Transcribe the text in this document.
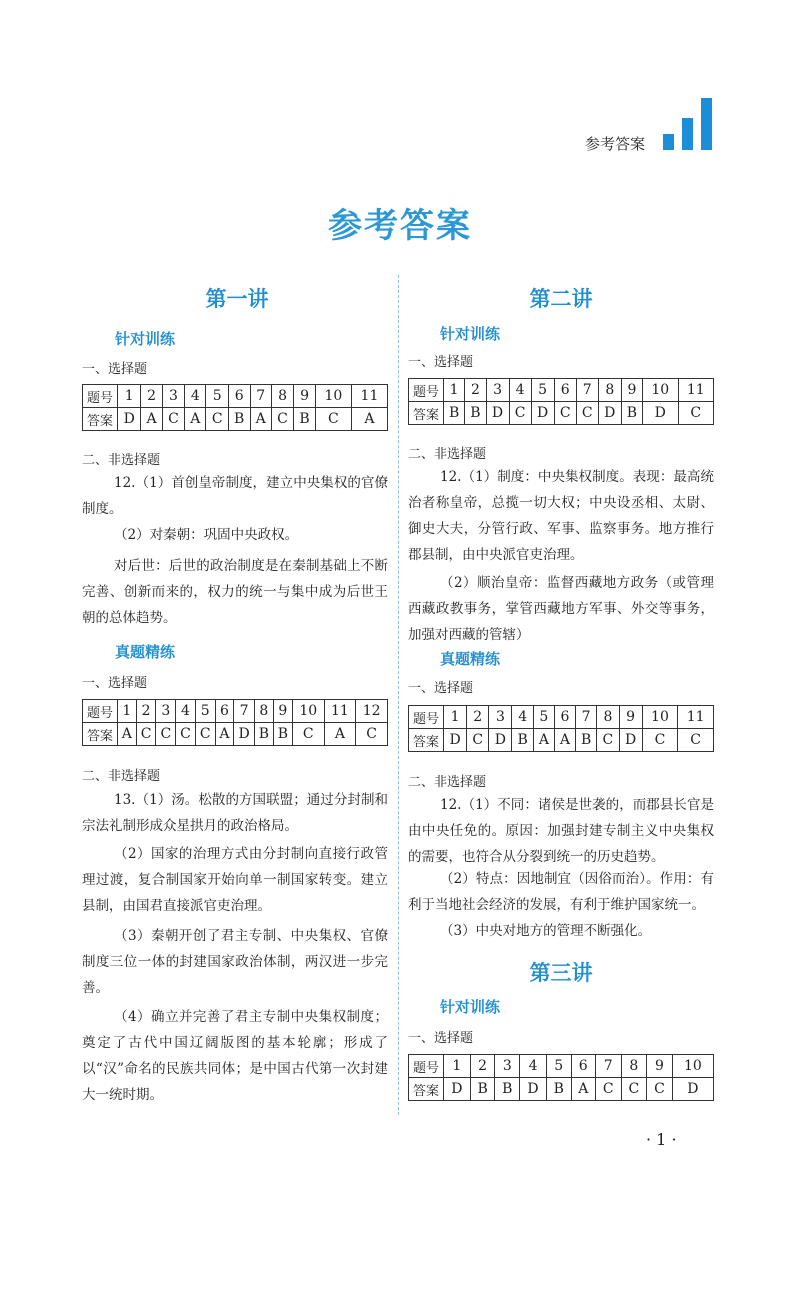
参考答案
参考答案
第一讲
针对训练
一、选择题
题号	1	2	3	4	5	6	7	8	9	10	11
答案	D	A	C	A	C	B	A	C	B	C	A
二、非选择题
12.（1）首创皇帝制度，建立中央集权的官僚制度。
（2）对秦朝：巩固中央政权。
对后世：后世的政治制度是在秦制基础上不断完善、创新而来的，权力的统一与集中成为后世王朝的总体趋势。
真题精练
一、选择题
题号	1	2	3	4	5	6	7	8	9	10	11	12
答案	A	C	C	C	C	A	D	B	B	C	A	C
二、非选择题
13.（1）汤。松散的方国联盟；通过分封制和宗法礼制形成众星拱月的政治格局。
（2）国家的治理方式由分封制向直接行政管理过渡，复合制国家开始向单一制国家转变。建立县制，由国君直接派官吏治理。
（3）秦朝开创了君主专制、中央集权、官僚制度三位一体的封建国家政治体制，两汉进一步完善。
（4）确立并完善了君主专制中央集权制度；奠定了古代中国辽阔版图的基本轮廓；形成了以“汉”命名的民族共同体；是中国古代第一次封建大一统时期。
第二讲
针对训练
一、选择题
题号	1	2	3	4	5	6	7	8	9	10	11
答案	B	B	D	C	D	C	C	D	B	D	C
二、非选择题
12.（1）制度：中央集权制度。表现：最高统治者称皇帝，总揽一切大权；中央设丞相、太尉、御史大夫，分管行政、军事、监察事务。地方推行郡县制，由中央派官吏治理。
（2）顺治皇帝：监督西藏地方政务（或管理西藏政教事务，掌管西藏地方军事、外交等事务，加强对西藏的管辖）
真题精练
一、选择题
题号	1	2	3	4	5	6	7	8	9	10	11
答案	D	C	D	B	A	A	B	C	D	C	C
二、非选择题
12.（1）不同：诸侯是世袭的，而郡县长官是由中央任免的。原因：加强封建专制主义中央集权的需要，也符合从分裂到统一的历史趋势。
（2）特点：因地制宜（因俗而治）。作用：有利于当地社会经济的发展，有利于维护国家统一。
（3）中央对地方的管理不断强化。
第三讲
针对训练
一、选择题
题号	1	2	3	4	5	6	7	8	9	10
答案	D	B	B	D	B	A	C	C	C	D
· 1 ·
